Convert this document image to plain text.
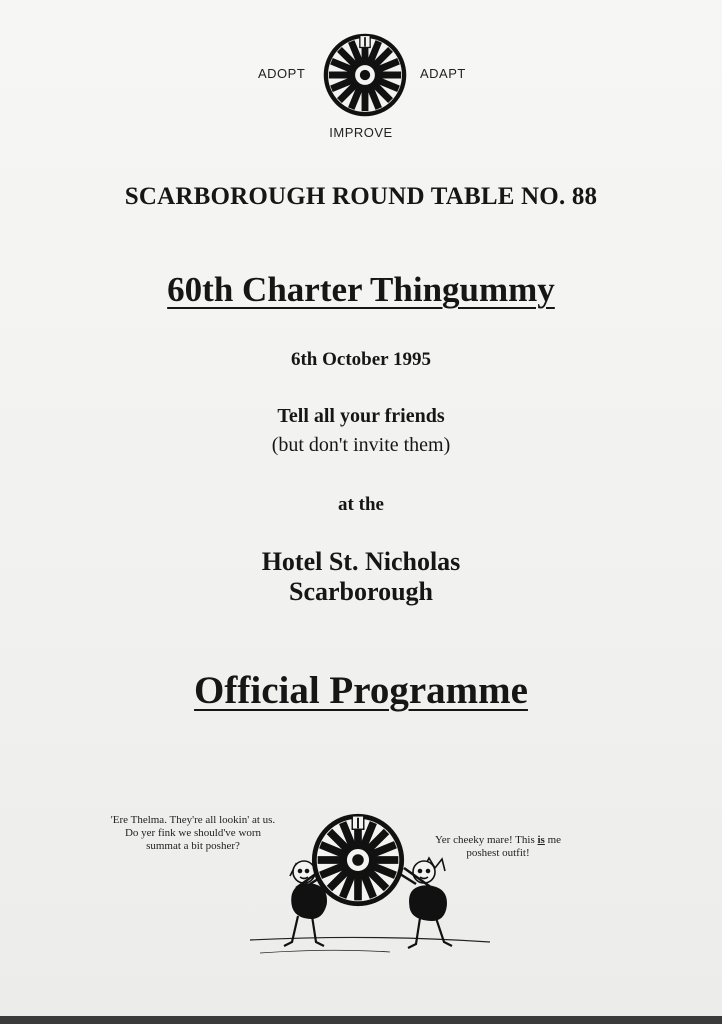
ADOPT	ADAPT
IMPROVE
SCARBOROUGH ROUND TABLE NO. 88
60th Charter Thingummy
6th October 1995
Tell all your friends
(but don't invite them)
at the
Hotel St. Nicholas
Scarborough
Official Programme
'Ere Thelma. They're all lookin' at us. Do yer fink we should've worn summat a bit posher?	Yer cheeky mare! This is me poshest outfit!
